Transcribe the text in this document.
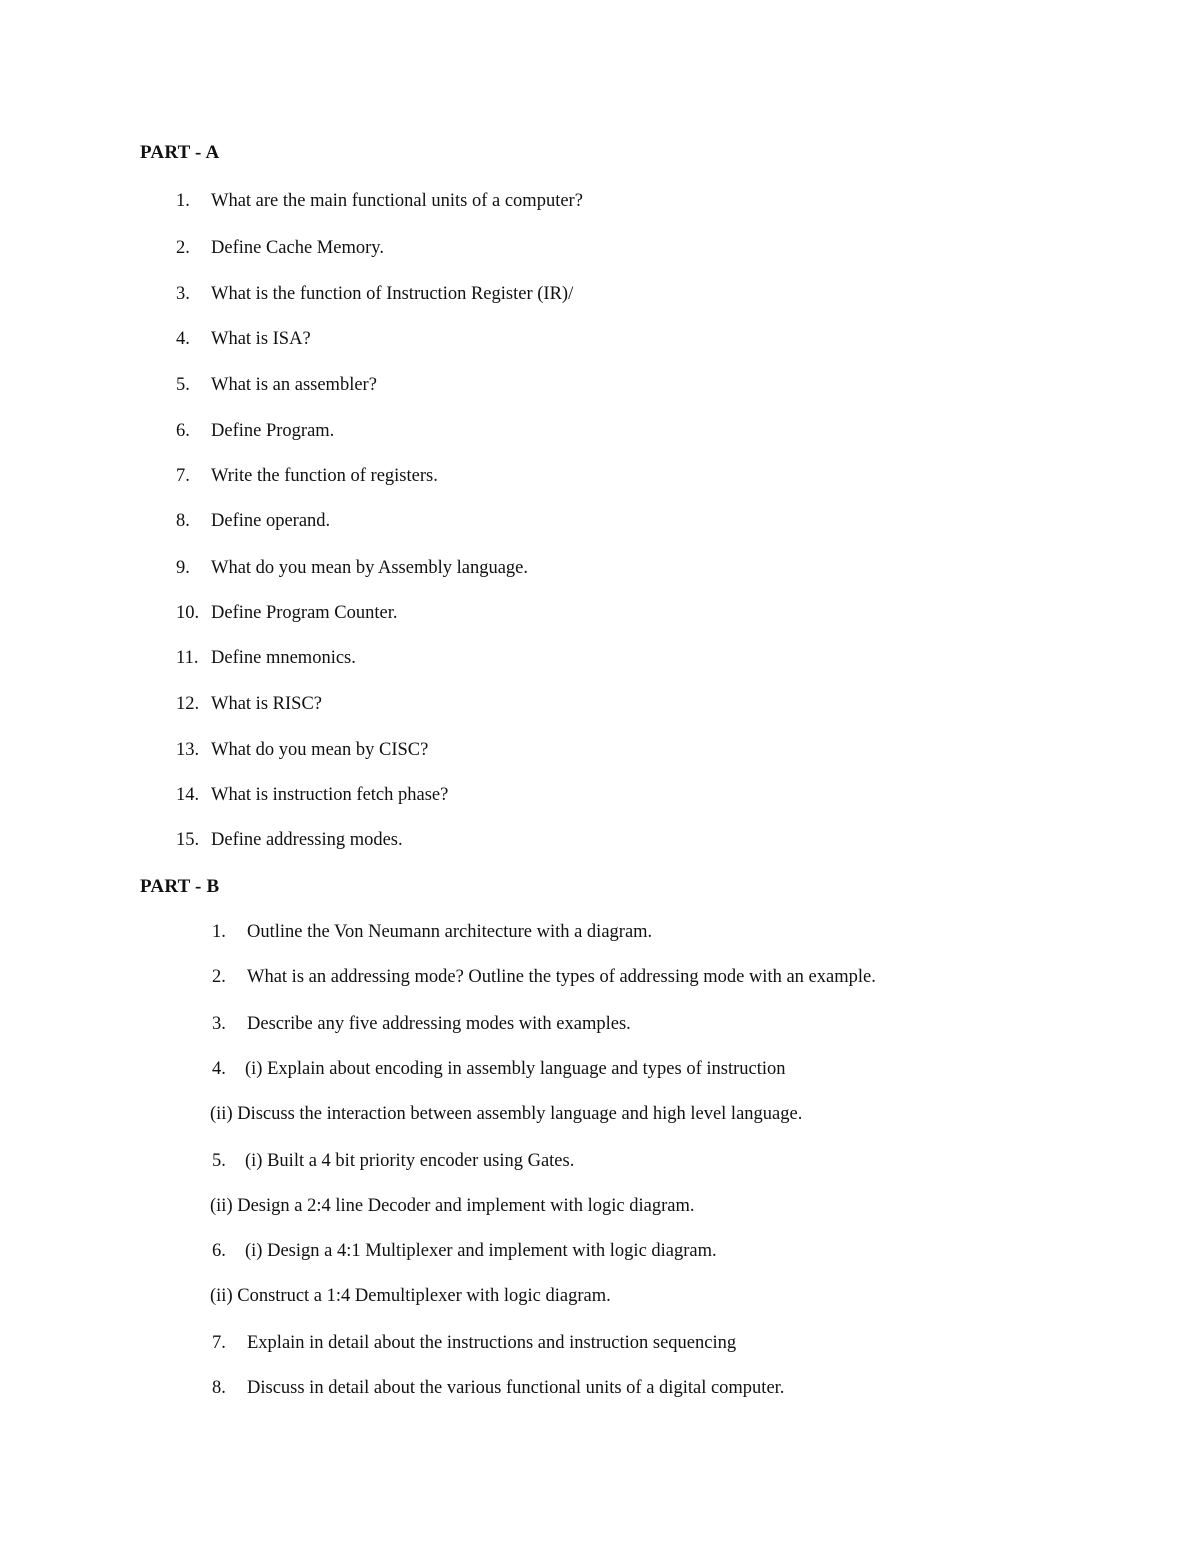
PART - A
1. What are the main functional units of a computer?
2. Define Cache Memory.
3. What is the function of Instruction Register (IR)/
4. What is ISA?
5. What is an assembler?
6. Define Program.
7. Write the function of registers.
8. Define operand.
9. What do you mean by Assembly language.
10. Define Program Counter.
11. Define mnemonics.
12. What is RISC?
13. What do you mean by CISC?
14. What is instruction fetch phase?
15. Define addressing modes.
PART - B
1. Outline the Von Neumann architecture with a diagram.
2. What is an addressing mode? Outline the types of addressing mode with an example.
3. Describe any five addressing modes with examples.
4. (i) Explain about encoding in assembly language and types of instruction
(ii) Discuss the interaction between assembly language and high level language.
5. (i) Built a 4 bit priority encoder using Gates.
(ii) Design a 2:4 line Decoder and implement with logic diagram.
6. (i) Design a 4:1 Multiplexer and implement with logic diagram.
(ii) Construct a 1:4 Demultiplexer with logic diagram.
7. Explain in detail about the instructions and instruction sequencing
8. Discuss in detail about the various functional units of a digital computer.
